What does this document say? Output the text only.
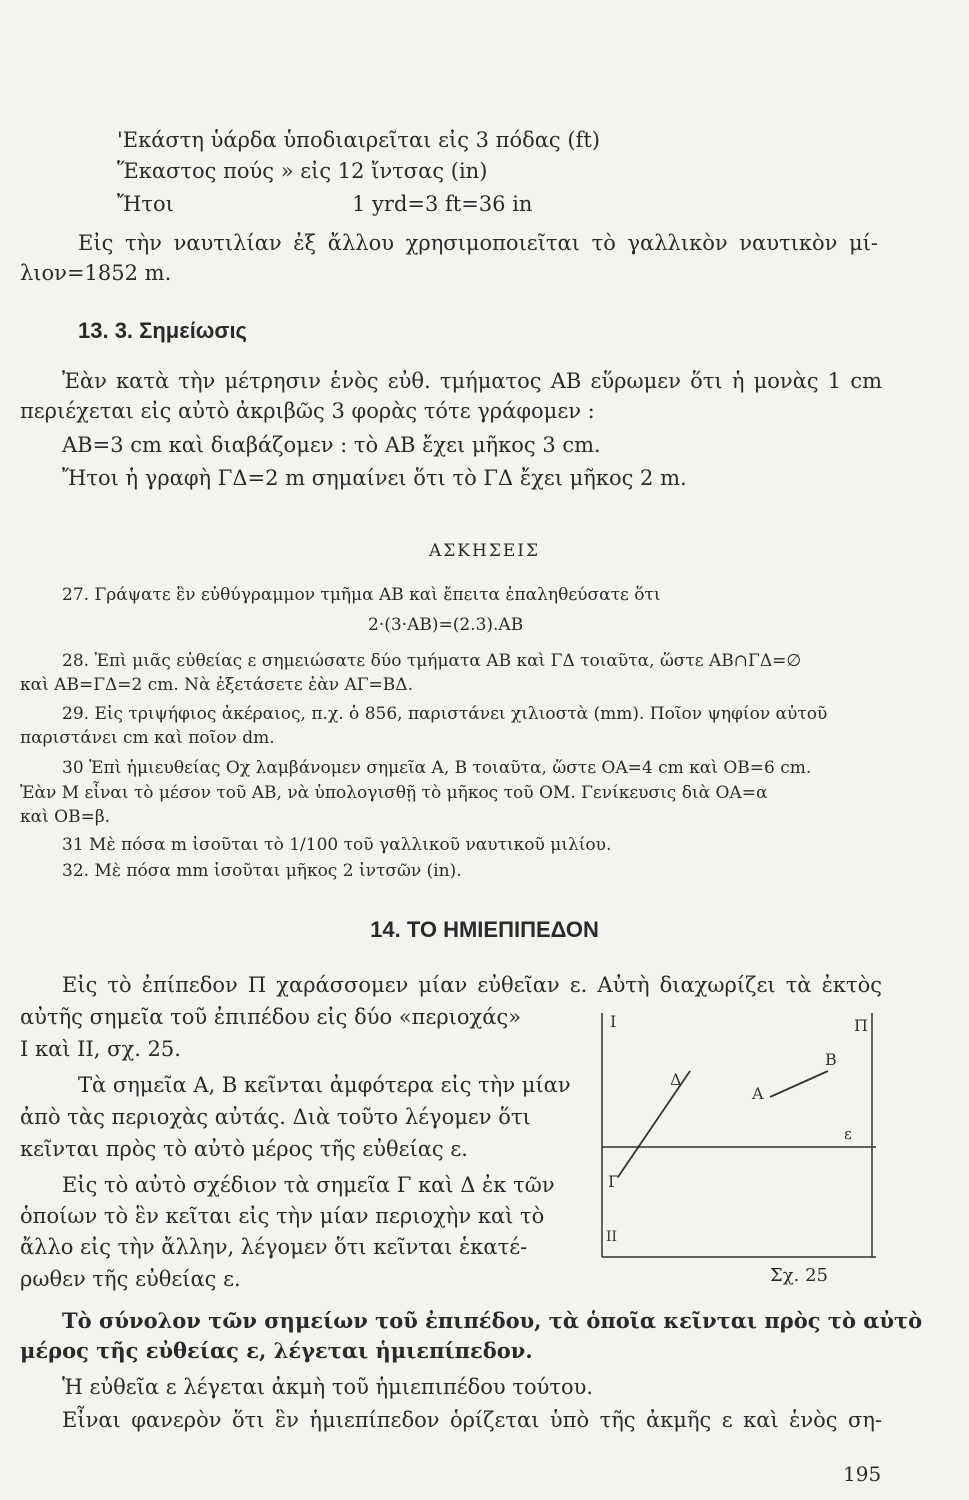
'Εκάστη ὑάρδα ὑποδιαιρεῖται εἰς 3 πόδας (ft)
Ἕκαστος πούς » εἰς 12 ἴντσας (in)
Ἤτοι	1 yrd=3 ft=36 in
Εἰς τὴν ναυτιλίαν ἐξ ἄλλου χρησιμοποιεῖται τὸ γαλλικὸν ναυτικὸν μί-
λιον=1852 m.
13. 3. Σημείωσις
Ἐὰν κατὰ τὴν μέτρησιν ἑνὸς εὐθ. τμήματος ΑΒ εὕρωμεν ὅτι ἡ μονὰς 1 cm
περιέχεται εἰς αὐτὸ ἀκριβῶς 3 φορὰς τότε γράφομεν :
ΑΒ=3 cm καὶ διαβάζομεν : τὸ ΑΒ ἔχει μῆκος 3 cm.
Ἤτοι ἡ γραφὴ ΓΔ=2 m σημαίνει ὅτι τὸ ΓΔ ἔχει μῆκος 2 m.
ΑΣΚΗΣΕΙΣ
27. Γράψατε ἓν εὐθύγραμμον τμῆμα ΑΒ καὶ ἔπειτα ἐπαληθεύσατε ὅτι
2·(3·AB)=(2.3).AB
28. Ἐπὶ μιᾶς εὐθείας ε σημειώσατε δύο τμήματα ΑΒ καὶ ΓΔ τοιαῦτα, ὥστε ΑΒ∩ΓΔ=∅
καὶ ΑΒ=ΓΔ=2 cm. Νὰ ἐξετάσετε ἐὰν ΑΓ=ΒΔ.
29. Εἰς τριψήφιος ἀκέραιος, π.χ. ὁ 856, παριστάνει χιλιοστὰ (mm). Ποῖον ψηφίον αὐτοῦ
παριστάνει cm καὶ ποῖον dm.
30 Ἐπὶ ἡμιευθείας Οχ λαμβάνομεν σημεῖα Α, Β τοιαῦτα, ὥστε ΟΑ=4 cm καὶ ΟΒ=6 cm.
Ἐὰν Μ εἶναι τὸ μέσον τοῦ ΑΒ, νὰ ὑπολογισθῇ τὸ μῆκος τοῦ ΟΜ. Γενίκευσις διὰ ΟΑ=α
καὶ ΟΒ=β.
31 Μὲ πόσα m ἰσοῦται τὸ 1/100 τοῦ γαλλικοῦ ναυτικοῦ μιλίου.
32. Μὲ πόσα mm ἰσοῦται μῆκος 2 ἰντσῶν (in).
14. ΤΟ ΗΜΙΕΠΙΠΕΔΟΝ
Εἰς τὸ ἐπίπεδον Π χαράσσομεν μίαν εὐθεῖαν ε. Αὐτὴ διαχωρίζει τὰ ἐκτὸς
αὐτῆς σημεῖα τοῦ ἐπιπέδου εἰς δύο «περιοχάς»
I καὶ II, σχ. 25.
Τὰ σημεῖα Α, Β κεῖνται ἀμφότερα εἰς τὴν μίαν
ἀπὸ τὰς περιοχὰς αὐτάς. Διὰ τοῦτο λέγομεν ὅτι
κεῖνται πρὸς τὸ αὐτὸ μέρος τῆς εὐθείας ε.
Εἰς τὸ αὐτὸ σχέδιον τὰ σημεῖα Γ καὶ Δ ἐκ τῶν
ὁποίων τὸ ἓν κεῖται εἰς τὴν μίαν περιοχὴν καὶ τὸ
ἄλλο εἰς τὴν ἄλλην, λέγομεν ὅτι κεῖνται ἑκατέ-
ρωθεν τῆς εὐθείας ε.
I
II
Π
A
B
Δ
Γ
ε
Σχ. 25
Τὸ σύνολον τῶν σημείων τοῦ ἐπιπέδου, τὰ ὁποῖα κεῖνται πρὸς τὸ αὐτὸ
μέρος τῆς εὐθείας ε, λέγεται ἡμιεπίπεδον.
Ἡ εὐθεῖα ε λέγεται ἀκμὴ τοῦ ἡμιεπιπέδου τούτου.
Εἶναι φανερὸν ὅτι ἓν ἡμιεπίπεδον ὁρίζεται ὑπὸ τῆς ἀκμῆς ε καὶ ἑνὸς ση-
195
